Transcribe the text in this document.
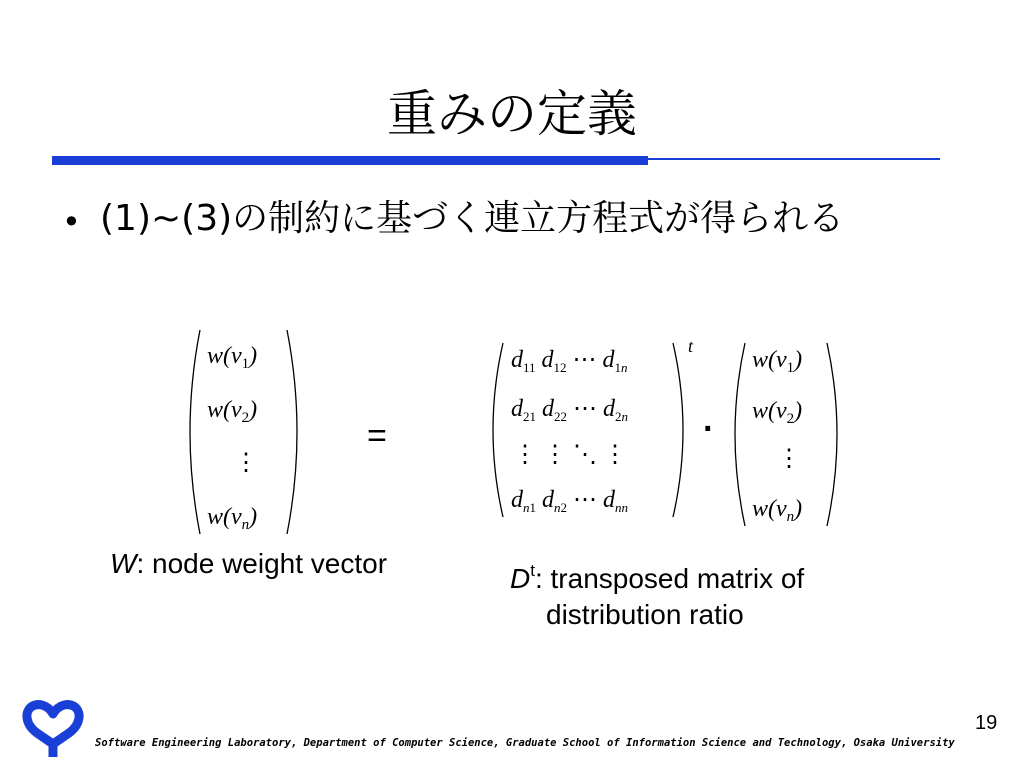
重みの定義
• (1)~(3)の制約に基づく連立方程式が得られる
$w(v_1)$
$w(v_2)$
⋮
$w(v_n)$
=
t
$d_{11}$ $d_{12}$ ⋯ $d_1n$
$d_{21}$ $d_{22}$ ⋯ $d_2n$
⋮ ⋮ ⋱ ⋮
$d_n1$ $d_n2$ ⋯ $d_{nn}$
·
$w(v_1)$
$w(v_2)$
⋮
$w(v_n)$
W: node weight vector	$D^t$: transposed matrix of
distribution ratio
19
Software Engineering Laboratory, Department of Computer Science, Graduate School of Information Science and Technology, Osaka University
